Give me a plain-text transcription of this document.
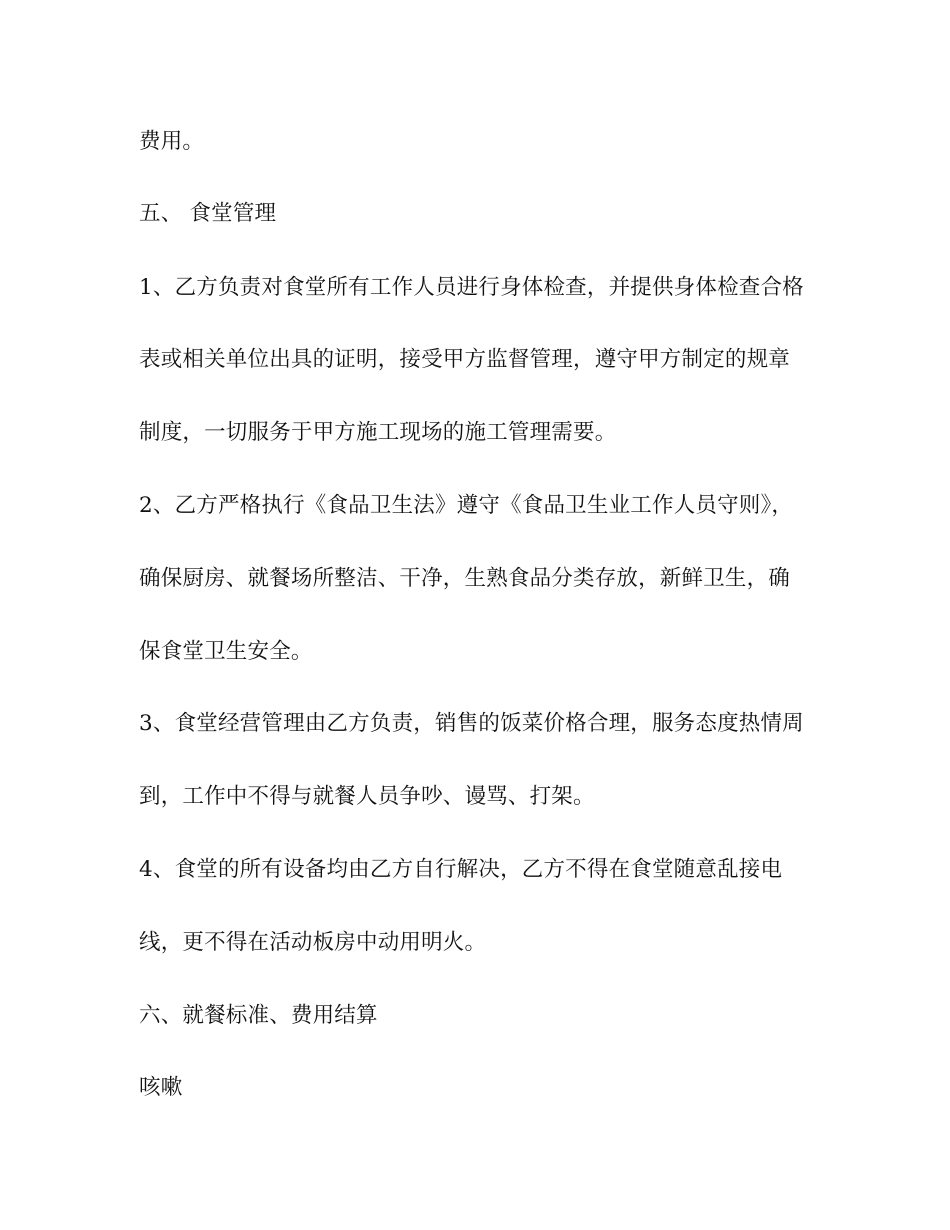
费用。
五、 食堂管理
1、乙方负责对食堂所有工作人员进行身体检查，并提供身体检查合格
表或相关单位出具的证明，接受甲方监督管理，遵守甲方制定的规章
制度，一切服务于甲方施工现场的施工管理需要。
2、乙方严格执行《食品卫生法》遵守《食品卫生业工作人员守则》，
确保厨房、就餐场所整洁、干净，生熟食品分类存放，新鲜卫生，确
保食堂卫生安全。
3、食堂经营管理由乙方负责，销售的饭菜价格合理，服务态度热情周
到，工作中不得与就餐人员争吵、谩骂、打架。
4、食堂的所有设备均由乙方自行解决，乙方不得在食堂随意乱接电
线，更不得在活动板房中动用明火。
六、就餐标准、费用结算
咳嗽
